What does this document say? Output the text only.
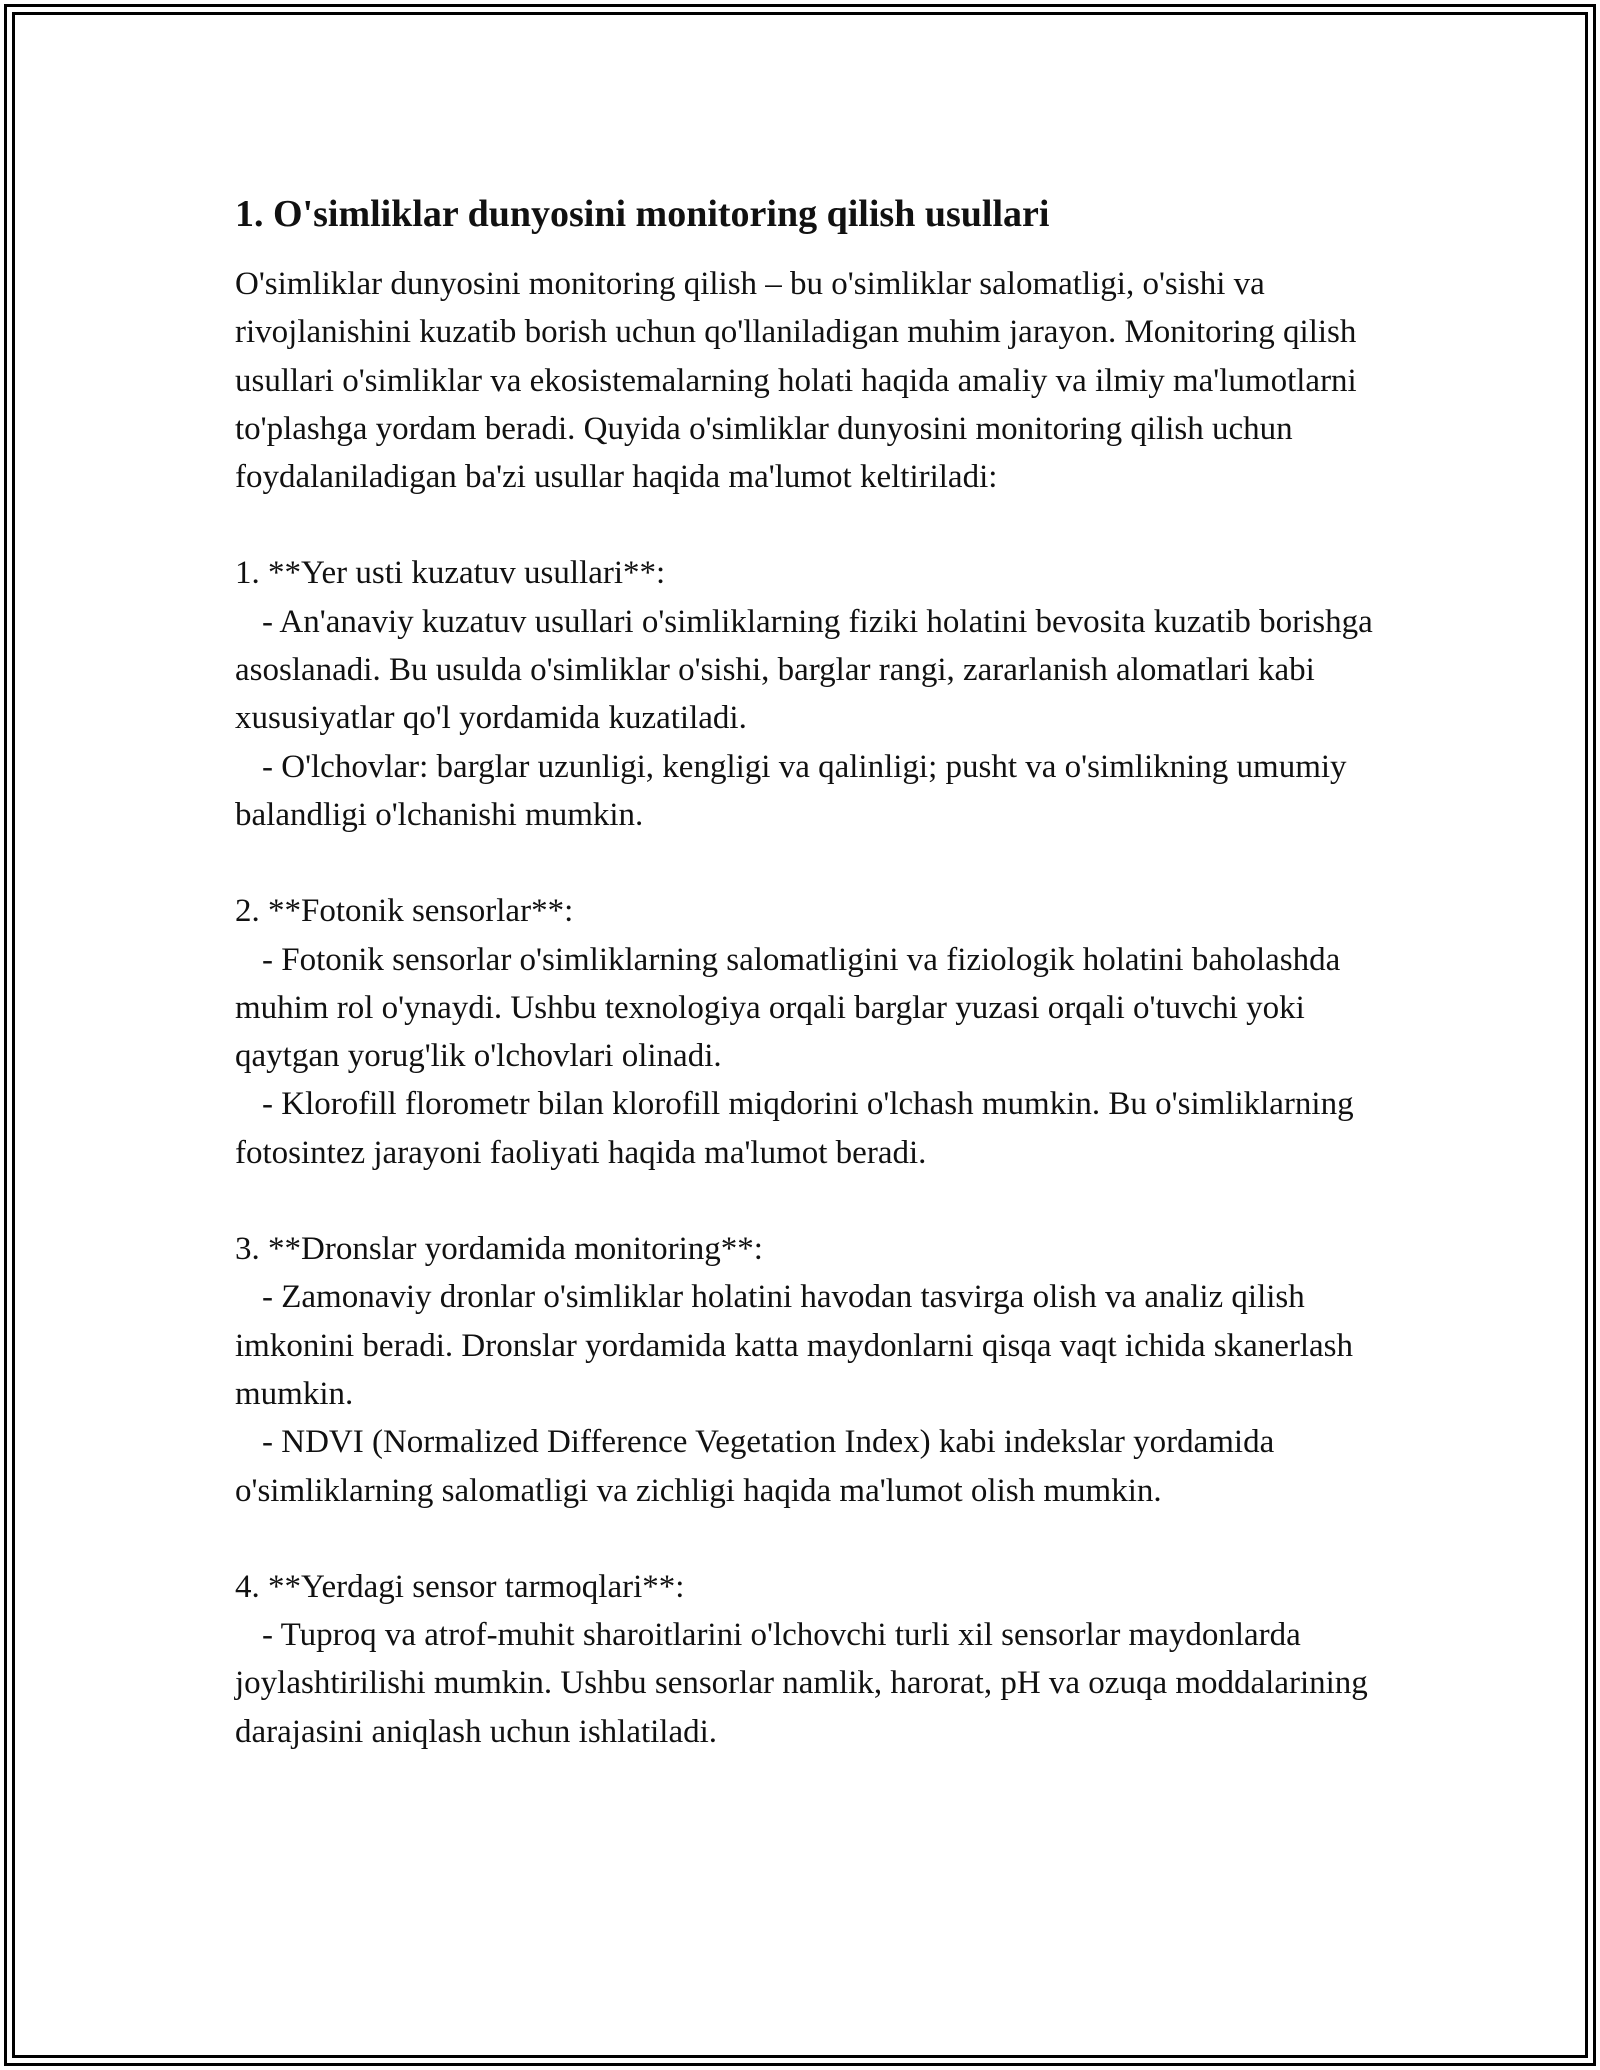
1. O'simliklar dunyosini monitoring qilish usullari

O'simliklar dunyosini monitoring qilish – bu o'simliklar salomatligi, o'sishi va rivojlanishini kuzatib borish uchun qo'llaniladigan muhim jarayon. Monitoring qilish usullari o'simliklar va ekosistemalarning holati haqida amaliy va ilmiy ma'lumotlarni to'plashga yordam beradi. Quyida o'simliklar dunyosini monitoring qilish uchun foydalaniladigan ba'zi usullar haqida ma'lumot keltiriladi:

1. **Yer usti kuzatuv usullari**:

- An'anaviy kuzatuv usullari o'simliklarning fiziki holatini bevosita kuzatib borishga asoslanadi. Bu usulda o'simliklar o'sishi, barglar rangi, zararlanish alomatlari kabi xususiyatlar qo'l yordamida kuzatiladi.

- O'lchovlar: barglar uzunligi, kengligi va qalinligi; pusht va o'simlikning umumiy balandligi o'lchanishi mumkin.

2. **Fotonik sensorlar**:

- Fotonik sensorlar o'simliklarning salomatligini va fiziologik holatini baholashda muhim rol o'ynaydi. Ushbu texnologiya orqali barglar yuzasi orqali o'tuvchi yoki qaytgan yorug'lik o'lchovlari olinadi.

- Klorofill florometr bilan klorofill miqdorini o'lchash mumkin. Bu o'simliklarning fotosintez jarayoni faoliyati haqida ma'lumot beradi.

3. **Dronslar yordamida monitoring**:

- Zamonaviy dronlar o'simliklar holatini havodan tasvirga olish va analiz qilish imkonini beradi. Dronslar yordamida katta maydonlarni qisqa vaqt ichida skanerlash mumkin.

- NDVI (Normalized Difference Vegetation Index) kabi indekslar yordamida o'simliklarning salomatligi va zichligi haqida ma'lumot olish mumkin.

4. **Yerdagi sensor tarmoqlari**:

- Tuproq va atrof-muhit sharoitlarini o'lchovchi turli xil sensorlar maydonlarda joylashtirilishi mumkin. Ushbu sensorlar namlik, harorat, pH va ozuqa moddalarining darajasini aniqlash uchun ishlatiladi.
